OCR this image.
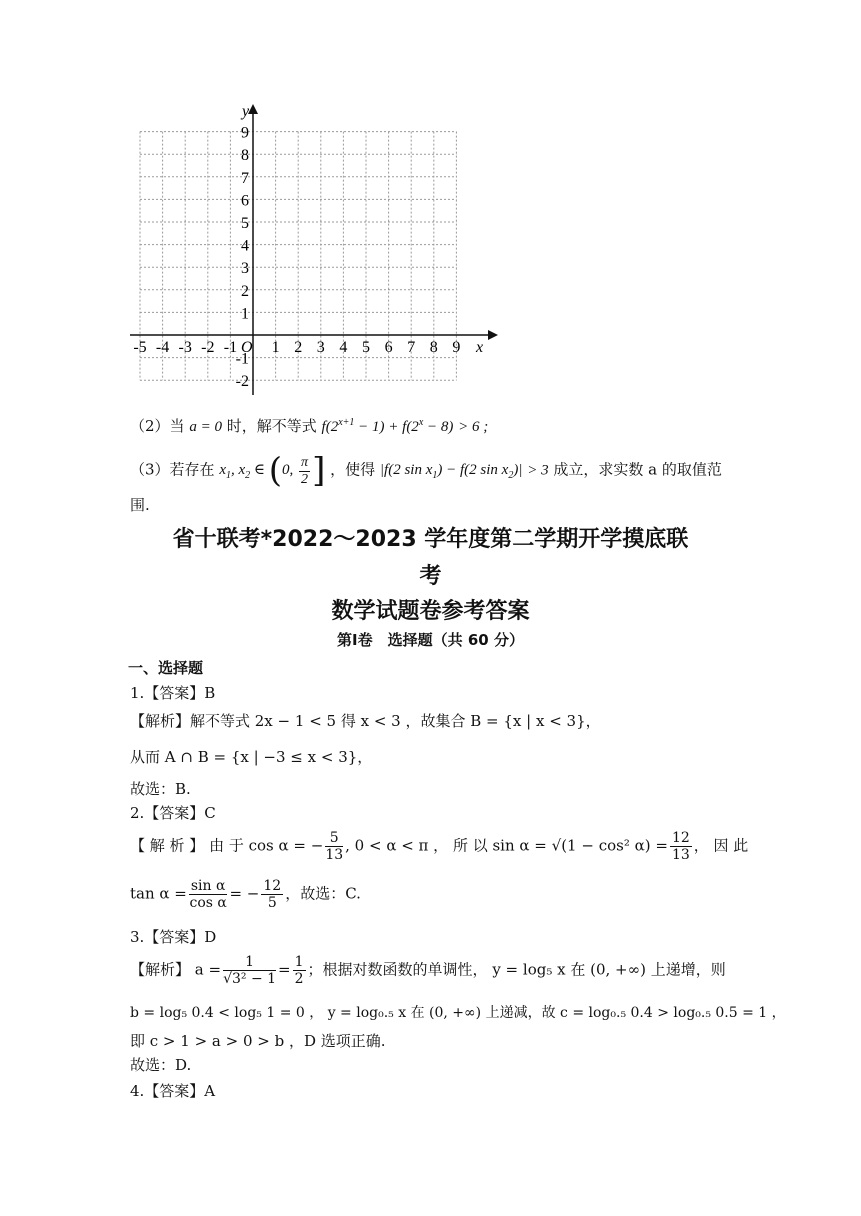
y
x
O
9
8
7
6
5
4
3
2
1
-1
-2
-5 -4 -3 -2 -1 1 2 3 4 5 6 7 8 9
（2）当 a = 0 时，解不等式 $f(2^{x+1} - 1) + f(2^x - 8) > 6$ ;
（3）若存在 $x_1$, $x_2$ ∈ (0, $\frac{\pi}{2}$ ] ，使得 |f(2 $\sin x_1) - f(2$ $\sin x_2)| > 3$ 成立，求实数 a 的取值范
围.
省十联考*2022～2023 学年度第二学期开学摸底联
考
数学试题卷参考答案
第Ⅰ卷　选择题（共 60 分）
一、选择题
1.【答案】B
【解析】解不等式 2x − 1 < 5 得 x < 3 ，故集合 B = {x | x < 3}，
从而 A ∩ B = {x | −3 ≤ x < 3}，
故选：B.
2.【答案】C
【 解 析 】 由 于 cos α = − $\frac{5}{13}$ , 0 < α < π ， 所 以 sin α = √(1 − cos² $\alpha) = \frac{12}{13}$ ， 因 此
$\tan \alpha = \frac{\text{sin α}}{\text{cos α}}$ = − $\frac{12}{5}$ ，故选：C.
3.【答案】D
【解析】 $a = \frac{1}{\text{√3² − 1}} = \frac{1}{2}$ ；根据对数函数的单调性， y = log₅ x 在 (0, +∞) 上递增，则
b = log₅ 0.4 < log₅ 1 = 0 ， y = log₀.₅ x 在 (0, +∞) 上递减，故 c = log₀.₅ 0.4 > log₀.₅ 0.5 = 1 ，
即 c > 1 > a > 0 > b ，D 选项正确.
故选：D.
4.【答案】A
